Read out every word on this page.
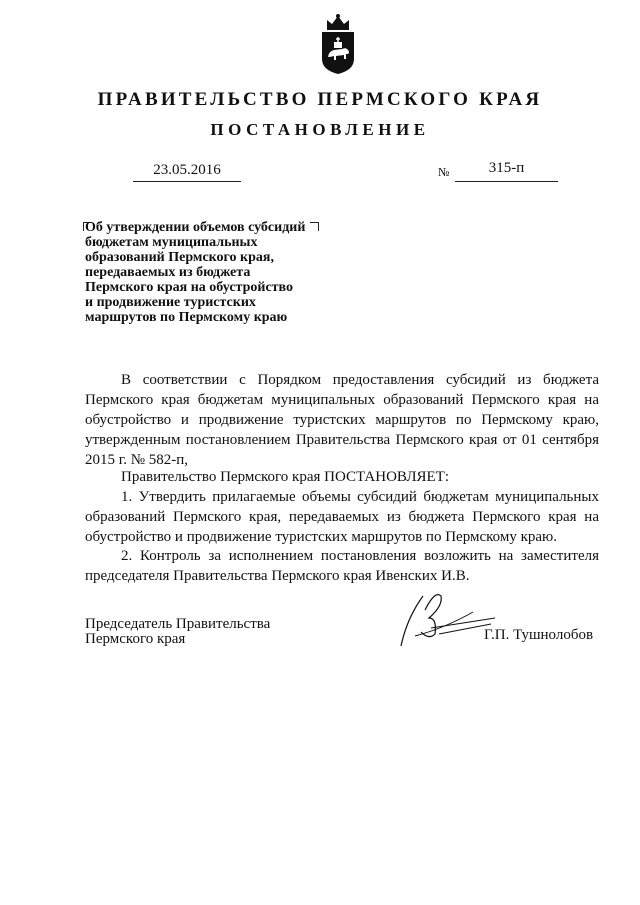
ПРАВИТЕЛЬСТВО ПЕРМСКОГО КРАЯ
ПОСТАНОВЛЕНИЕ
23.05.2016	№	315-п
Об утверждении объемов субсидий
бюджетам муниципальных
образований Пермского края,
передаваемых из бюджета
Пермского края на обустройство
и продвижение туристских
маршрутов по Пермскому краю
В соответствии с Порядком предоставления субсидий из бюджета Пермского края бюджетам муниципальных образований Пермского края на обустройство и продвижение туристских маршрутов по Пермскому краю, утвержденным постановлением Правительства Пермского края от 01 сентября 2015 г. № 582-п,
Правительство Пермского края ПОСТАНОВЛЯЕТ:
1. Утвердить прилагаемые объемы субсидий бюджетам муниципальных образований Пермского края, передаваемых из бюджета Пермского края на обустройство и продвижение туристских маршрутов по Пермскому краю.
2. Контроль за исполнением постановления возложить на заместителя председателя Правительства Пермского края Ивенских И.В.
Председатель Правительства
Пермского края	Г.П. Тушнолобов
